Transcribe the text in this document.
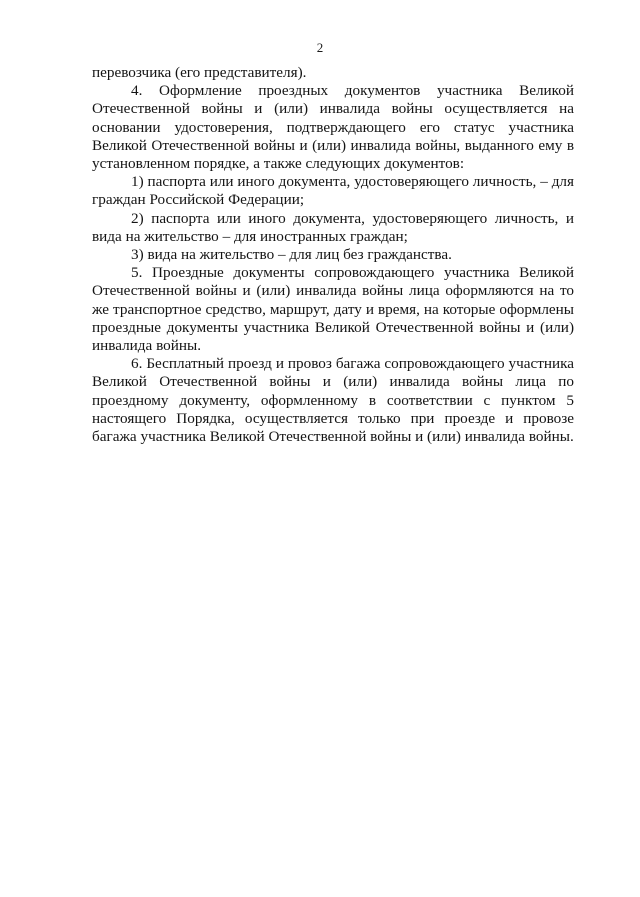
2

перевозчика (его представителя).

4. Оформление проездных документов участника Великой Отечественной войны и (или) инвалида войны осуществляется на основании удостоверения, подтверждающего его статус участника Великой Отечественной войны и (или) инвалида войны, выданного ему в установленном порядке, а также следующих документов:

1) паспорта или иного документа, удостоверяющего личность, – для граждан Российской Федерации;

2) паспорта или иного документа, удостоверяющего личность, и вида на жительство – для иностранных граждан;

3) вида на жительство – для лиц без гражданства.

5. Проездные документы сопровождающего участника Великой Отечественной войны и (или) инвалида войны лица оформляются на то же транспортное средство, маршрут, дату и время, на которые оформлены проездные документы участника Великой Отечественной войны и (или) инвалида войны.

6. Бесплатный проезд и провоз багажа сопровождающего участника Великой Отечественной войны и (или) инвалида войны лица по проездному документу, оформленному в соответствии с пунктом 5 настоящего Порядка, осуществляется только при проезде и провозе багажа участника Великой Отечественной войны и (или) инвалида войны.
